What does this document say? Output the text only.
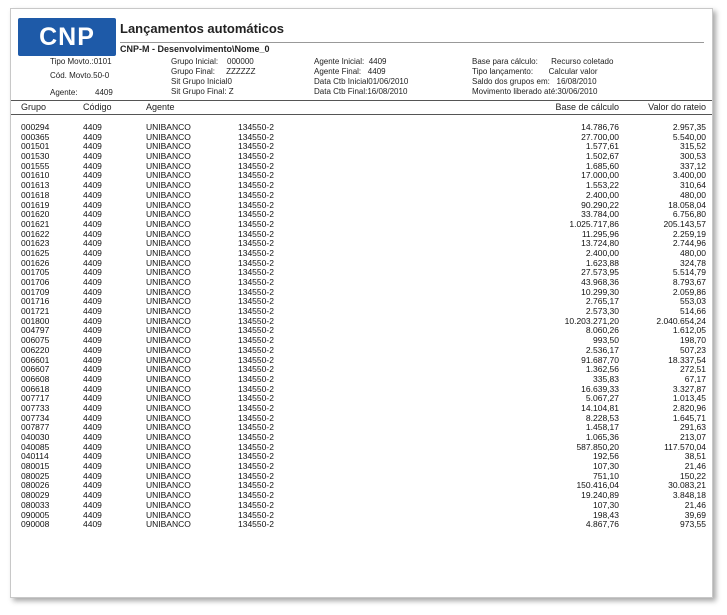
CNP Lançamentos automáticos
CNP-M - Desenvolvimento\Nome_0
Tipo Movto.:0101
Cód. Movto.50-0
Agente: 4409
Grupo Inicial:    000000
Grupo Final:     ZZZZZZ
Sit Grupo Inicial0
Sit Grupo Final: Z
Agente Inicial:  4409
Agente Final:   4409
Data Ctb Inicial01/06/2010
Data Ctb Final:16/08/2010
Base para cálculo:      Recurso coletado
Tipo lançamento:       Calcular valor
Saldo dos grupos em:   16/08/2010
Movimento liberado até:30/06/2010
Grupo	Código	Agente	Base de cálculo	Valor do rateio
000294	4409	UNIBANCO	134550-2	14.786,76	2.957,35
000365	4409	UNIBANCO	134550-2	27.700,00	5.540,00
001501	4409	UNIBANCO	134550-2	1.577,61	315,52
001530	4409	UNIBANCO	134550-2	1.502,67	300,53
001555	4409	UNIBANCO	134550-2	1.685,60	337,12
001610	4409	UNIBANCO	134550-2	17.000,00	3.400,00
001613	4409	UNIBANCO	134550-2	1.553,22	310,64
001618	4409	UNIBANCO	134550-2	2.400,00	480,00
001619	4409	UNIBANCO	134550-2	90.290,22	18.058,04
001620	4409	UNIBANCO	134550-2	33.784,00	6.756,80
001621	4409	UNIBANCO	134550-2	1.025.717,86	205.143,57
001622	4409	UNIBANCO	134550-2	11.295,96	2.259,19
001623	4409	UNIBANCO	134550-2	13.724,80	2.744,96
001625	4409	UNIBANCO	134550-2	2.400,00	480,00
001626	4409	UNIBANCO	134550-2	1.623,88	324,78
001705	4409	UNIBANCO	134550-2	27.573,95	5.514,79
001706	4409	UNIBANCO	134550-2	43.968,36	8.793,67
001709	4409	UNIBANCO	134550-2	10.299,30	2.059,86
001716	4409	UNIBANCO	134550-2	2.765,17	553,03
001721	4409	UNIBANCO	134550-2	2.573,30	514,66
001800	4409	UNIBANCO	134550-2	10.203.271,20	2.040.654,24
004797	4409	UNIBANCO	134550-2	8.060,26	1.612,05
006075	4409	UNIBANCO	134550-2	993,50	198,70
006220	4409	UNIBANCO	134550-2	2.536,17	507,23
006601	4409	UNIBANCO	134550-2	91.687,70	18.337,54
006607	4409	UNIBANCO	134550-2	1.362,56	272,51
006608	4409	UNIBANCO	134550-2	335,83	67,17
006618	4409	UNIBANCO	134550-2	16.639,33	3.327,87
007717	4409	UNIBANCO	134550-2	5.067,27	1.013,45
007733	4409	UNIBANCO	134550-2	14.104,81	2.820,96
007734	4409	UNIBANCO	134550-2	8.228,53	1.645,71
007877	4409	UNIBANCO	134550-2	1.458,17	291,63
040030	4409	UNIBANCO	134550-2	1.065,36	213,07
040085	4409	UNIBANCO	134550-2	587.850,20	117.570,04
040114	4409	UNIBANCO	134550-2	192,56	38,51
080015	4409	UNIBANCO	134550-2	107,30	21,46
080025	4409	UNIBANCO	134550-2	751,10	150,22
080026	4409	UNIBANCO	134550-2	150.416,04	30.083,21
080029	4409	UNIBANCO	134550-2	19.240,89	3.848,18
080033	4409	UNIBANCO	134550-2	107,30	21,46
090005	4409	UNIBANCO	134550-2	198,43	39,69
090008	4409	UNIBANCO	134550-2	4.867,76	973,55
